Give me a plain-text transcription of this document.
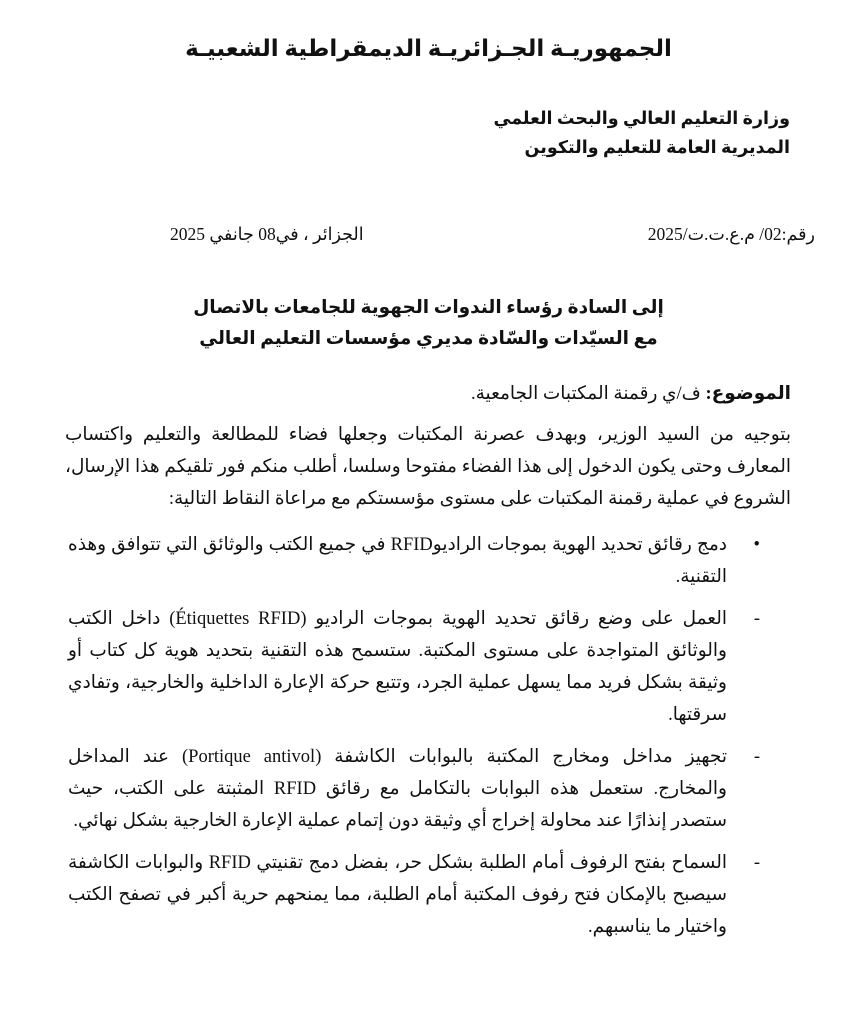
الجمهوريـة الجـزائريـة الديمقراطية الشعبيـة
وزارة التعليم العالي والبحث العلمي
المديرية العامة للتعليم والتكوين
رقم:02/ م.ع.ت.ت/2025
الجزائر ، في08 جانفي 2025
إلى السادة رؤساء الندوات الجهوية للجامعات بالاتصال
مع السيّدات والسّادة مديري مؤسسات التعليم العالي
الموضوع: ف/ي رقمنة المكتبات الجامعية.
بتوجيه من السيد الوزير، وبهدف عصرنة المكتبات وجعلها فضاء للمطالعة والتعليم واكتساب المعارف وحتى يكون الدخول إلى هذا الفضاء مفتوحا وسلسا، أطلب منكم فور تلقيكم هذا الإرسال، الشروع في عملية رقمنة المكتبات على مستوى مؤسستكم مع مراعاة النقاط التالية:
•
دمج رقائق تحديد الهوية بموجات الراديوRFID في جميع الكتب والوثائق التي تتوافق وهذه التقنية.
-
العمل على وضع رقائق تحديد الهوية بموجات الراديو (Étiquettes RFID) داخل الكتب والوثائق المتواجدة على مستوى المكتبة. ستسمح هذه التقنية بتحديد هوية كل كتاب أو وثيقة بشكل فريد مما يسهل عملية الجرد، وتتبع حركة الإعارة الداخلية والخارجية، وتفادي سرقتها.
-
تجهيز مداخل ومخارج المكتبة بالبوابات الكاشفة (Portique antivol) عند المداخل والمخارج. ستعمل هذه البوابات بالتكامل مع رقائق RFID المثبتة على الكتب، حيث ستصدر إنذارًا عند محاولة إخراج أي وثيقة دون إتمام عملية الإعارة الخارجية بشكل نهائي.
-
السماح بفتح الرفوف أمام الطلبة بشكل حر، بفضل دمج تقنيتي RFID والبوابات الكاشفة سيصبح بالإمكان فتح رفوف المكتبة أمام الطلبة، مما يمنحهم حرية أكبر في تصفح الكتب واختيار ما يناسبهم.
